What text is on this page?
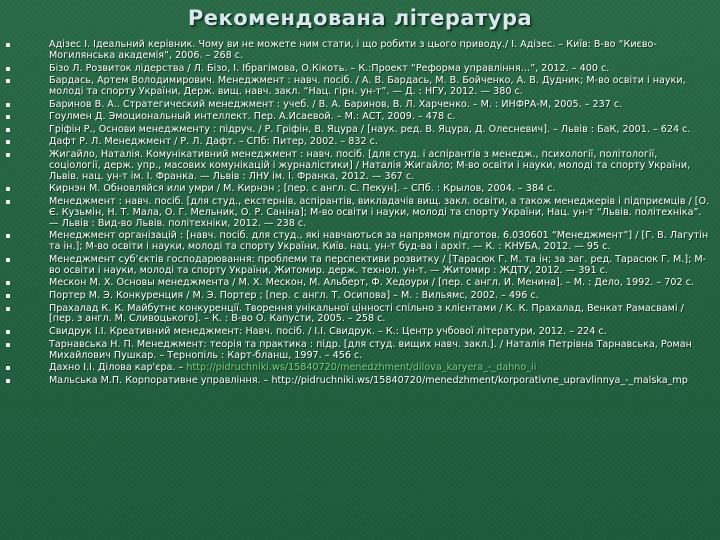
Рекомендована література
Адізес І. Ідеальний керівник. Чому ви не можете ним стати, і що робити з цього приводу./ І. Адізес. – Київ: В-во “Києво-Могилянська академія”, 2006. – 268 с.
Бізо Л. Розвиток лідерства / Л. Бізо, І. Ібрагімова, О.Кікоть. – К.:Проект “Реформа управління…”, 2012. – 400 с.
Бардась, Артем Володимирович. Менеджмент : навч. посіб. / А. В. Бардась, М. В. Бойченко, А. В. Дудник; М-во освіти і науки, молоді та спорту України, Держ. вищ. навч. закл. “Нац. гірн. ун-т”. — Д. : НГУ, 2012. — 380 с.
Баринов В. А.. Стратегический менеджмент : учеб. / В. А. Баринов, В. Л. Харченко. – М. : ИНФРА-М, 2005. – 237 с.
Гоулмен Д. Эмоциональный интеллект. Пер. А.Исаевой. – М.: АСТ, 2009. – 478 с.
Гріфін Р., Основи менеджменту : підруч. / Р. Гріфін, В. Яцура / [наук. ред. В. Яцура, Д. Олесневич]. – Львів : БаК, 2001. – 624 с.
Дафт Р. Л. Менеджмент / Р. Л. Дафт. – СПб: Питер, 2002. – 832 с.
Жигайло, Наталія. Комунікативний менеджмент : навч. посіб. [для студ. і аспірантів з менедж., психології, політології, соціології, держ. упр., масових комунікацій і журналістики] / Наталія Жигайло; М-во освіти і науки, молоді та спорту України, Львів. нац. ун-т ім. І. Франка. — Львів : ЛНУ ім. І. Франка, 2012. — 367 с.
Кирнэн М. Обновляйся или умри / М. Кирнэн ; [пер. с англ. С. Пекун]. – СПб. : Крылов, 2004. – 384 с.
Менеджмент : навч. посіб. [для студ., екстернів, аспірантів, викладачів вищ. закл. освіти, а також менеджерів і підприємців / [О. Є. Кузьмін, Н. Т. Мала, О. Г. Мельник, О. Р. Саніна]; М-во освіти і науки, молоді та спорту України, Нац. ун-т “Львів. політехніка”. — Львів : Вид-во Львів. політехніки, 2012. — 238 с.
Менеджмент організацій : [навч. посіб. для студ., які навчаються за напрямом підготов. 6.030601 “Менеджмент”] / [Г. В. Лагутін та ін.]; М-во освіти і науки, молоді та спорту України, Київ. нац. ун-т буд-ва і архіт. — К. : КНУБА, 2012. — 95 с.
Менеджмент суб’єктів господарювання: проблеми та перспективи розвитку / [Тарасюк Г. М. та ін; за заг. ред. Тарасюк Г. М.]; М-во освіти і науки, молоді та спорту України, Житомир. держ. технол. ун-т. — Житомир : ЖДТУ, 2012. — 391 с.
Мескон М. Х. Основы менеджмента / М. Х. Мескон, М. Альберт, Ф. Хедоури / [пер. с англ. И. Менина]. – М. : Дело, 1992. – 702 с.
Портер М. Э. Конкуренция / М. Э. Портер ; [пер. с англ. Т. Осипова] – М. : Вильямс, 2002. – 496 с.
Прахалад К. К. Майбутнє конкуренції. Творення унікальної цінності спільно з клієнтами / К. К. Прахалад, Венкат Рамасвамі / [пер. з англ. М. Сливоцького]. – К. : В-во О. Капусти, 2005. – 258 с.
Свидрук І.І. Креативний менеджмент: Навч. посіб. / І.І. Свидрук. – К.: Центр учбової літератури, 2012. – 224 с.
Тарнавська Н. П. Менеджмент: теорія та практика : підр. [для студ. вищих навч. закл.]. / Наталія Петрівна Тарнавська, Роман Михайлович Пушкар. – Тернопіль : Карт-бланш, 1997. – 456 с.
Дахно І.І. Ділова кар'єра. – http://pidruchniki.ws/15840720/menedzhment/dilova_karyera_-_dahno_ii
Мальська М.П. Корпоративне управління. – http://pidruchniki.ws/15840720/menedzhment/korporativne_upravlinnya_-_malska_mp
